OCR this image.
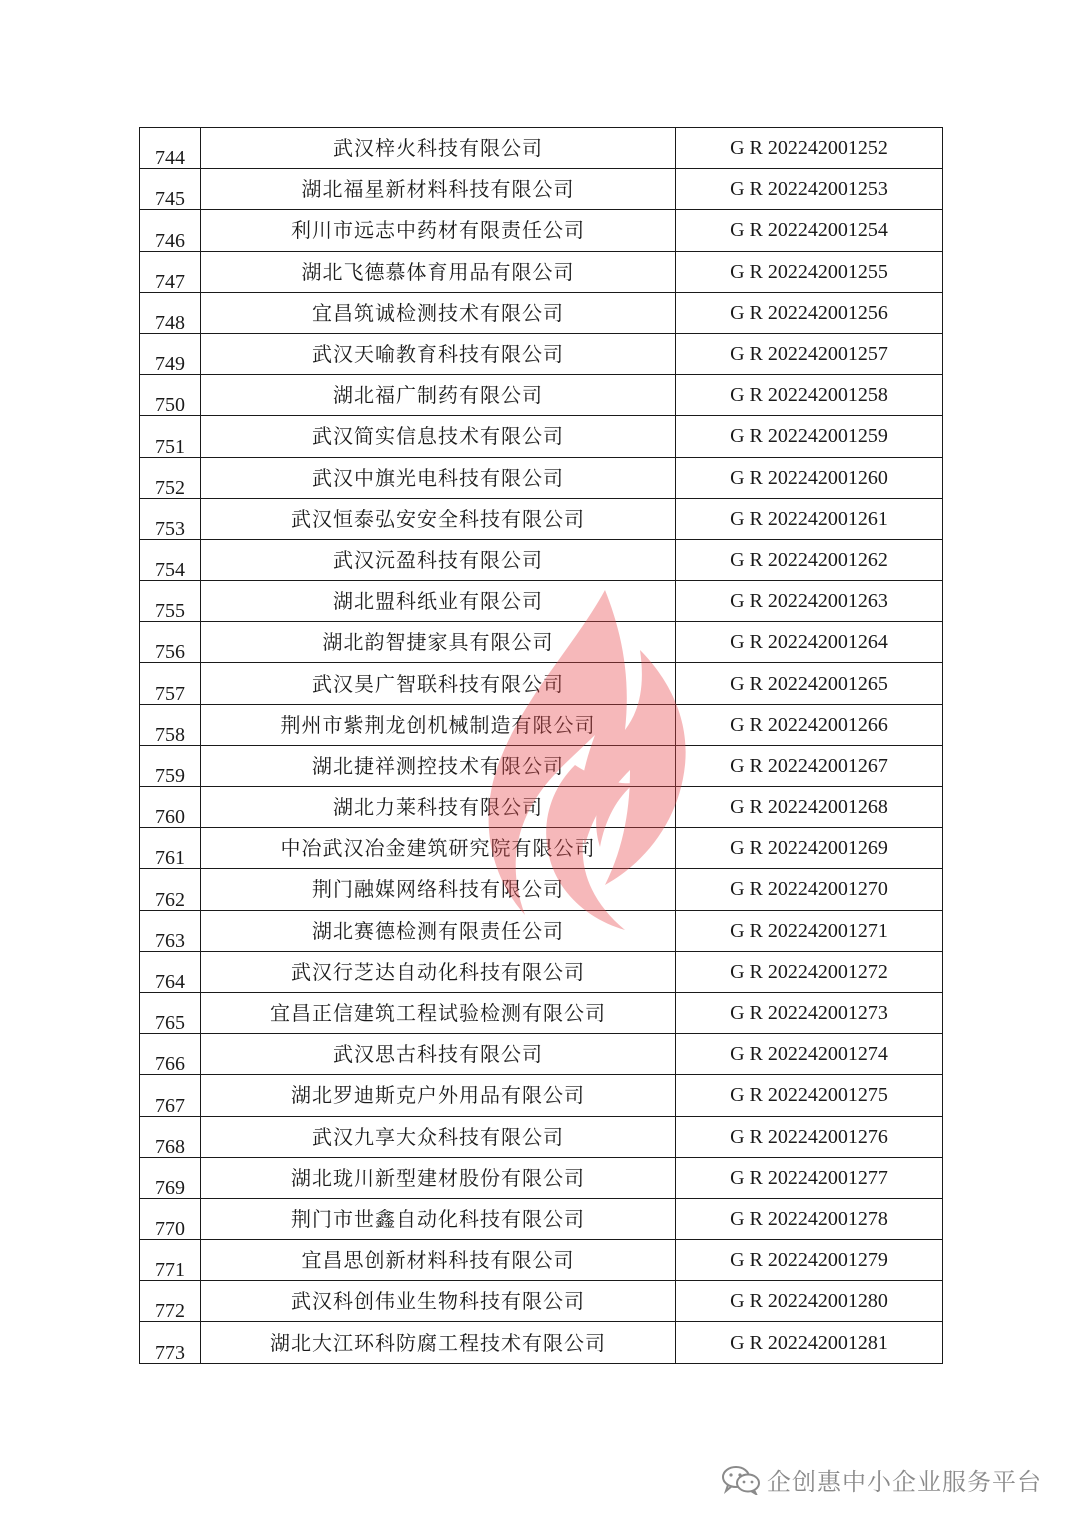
744	武汉梓火科技有限公司	G R 202242001252
745	湖北福星新材料科技有限公司	G R 202242001253
746	利川市远志中药材有限责任公司	G R 202242001254
747	湖北飞德慕体育用品有限公司	G R 202242001255
748	宜昌筑诚检测技术有限公司	G R 202242001256
749	武汉天喻教育科技有限公司	G R 202242001257
750	湖北福广制药有限公司	G R 202242001258
751	武汉简实信息技术有限公司	G R 202242001259
752	武汉中旗光电科技有限公司	G R 202242001260
753	武汉恒泰弘安安全科技有限公司	G R 202242001261
754	武汉沅盈科技有限公司	G R 202242001262
755	湖北盟科纸业有限公司	G R 202242001263
756	湖北韵智捷家具有限公司	G R 202242001264
757	武汉昊广智联科技有限公司	G R 202242001265
758	荆州市紫荆龙创机械制造有限公司	G R 202242001266
759	湖北捷祥测控技术有限公司	G R 202242001267
760	湖北力莱科技有限公司	G R 202242001268
761	中冶武汉冶金建筑研究院有限公司	G R 202242001269
762	荆门融媒网络科技有限公司	G R 202242001270
763	湖北赛德检测有限责任公司	G R 202242001271
764	武汉行芝达自动化科技有限公司	G R 202242001272
765	宜昌正信建筑工程试验检测有限公司	G R 202242001273
766	武汉思古科技有限公司	G R 202242001274
767	湖北罗迪斯克户外用品有限公司	G R 202242001275
768	武汉九享大众科技有限公司	G R 202242001276
769	湖北珑川新型建材股份有限公司	G R 202242001277
770	荆门市世鑫自动化科技有限公司	G R 202242001278
771	宜昌思创新材料科技有限公司	G R 202242001279
772	武汉科创伟业生物科技有限公司	G R 202242001280
773	湖北大江环科防腐工程技术有限公司	G R 202242001281
企创惠中小企业服务平台
